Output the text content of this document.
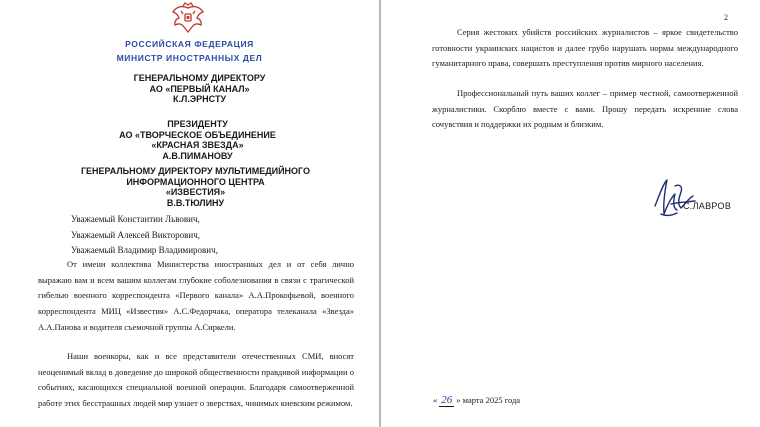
РОССИЙСКАЯ ФЕДЕРАЦИЯ
МИНИСТР ИНОСТРАННЫХ ДЕЛ
ГЕНЕРАЛЬНОМУ ДИРЕКТОРУ
АО «ПЕРВЫЙ КАНАЛ»
К.Л.ЭРНСТУ
ПРЕЗИДЕНТУ
АО «ТВОРЧЕСКОЕ ОБЪЕДИНЕНИЕ
«КРАСНАЯ ЗВЕЗДА»
А.В.ПИМАНОВУ
ГЕНЕРАЛЬНОМУ ДИРЕКТОРУ МУЛЬТИМЕДИЙНОГО
ИНФОРМАЦИОННОГО ЦЕНТРА
«ИЗВЕСТИЯ»
В.В.ТЮЛИНУ
Уважаемый Константин Львович,
Уважаемый Алексей Викторович,
Уважаемый Владимир Владимирович,
От имени коллектива Министерства иностранных дел и от себя лично выражаю вам и всем вашим коллегам глубокие соболезнования в связи с трагической гибелью военного корреспондента «Первого канала» А.А.Прокофьевой, военного корреспондента МИЦ «Известия» А.С.Федорчака, оператора телеканала «Звезда» А.А.Панова и водителя съемочной группы А.Сиркели.
Наши военкоры, как и все представители отечественных СМИ, вносят неоценимый вклад в доведение до широкой общественности правдивой информации о событиях, касающихся специальной военной операции. Благодаря самоотверженной работе этих бесстрашных людей мир узнает о зверствах, чинимых киевским режимом.
2
Серия жестоких убийств российских журналистов – яркое свидетельство готовности украинских нацистов и далее грубо нарушать нормы международного гуманитарного права, совершать преступления против мирного населения.
Профессиональный путь ваших коллег – пример честной, самоотверженной журналистики. Скорблю вместе с вами. Прошу передать искренние слова сочувствия и поддержки их родным и близким.
С.ЛАВРОВ
« 26 » марта 2025 года
